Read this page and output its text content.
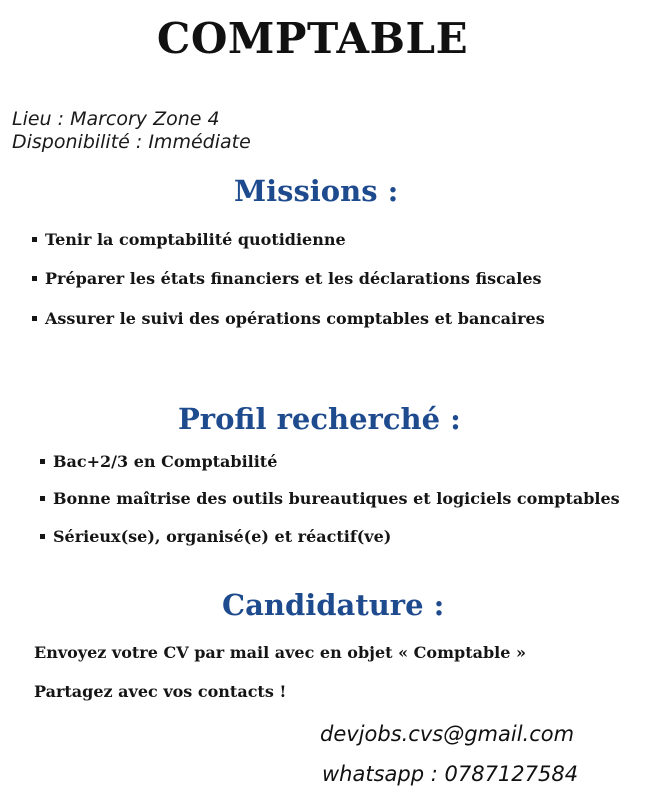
COMPTABLE
Lieu : Marcory Zone 4
Disponibilité : Immédiate
Missions :
Tenir la comptabilité quotidienne
Préparer les états financiers et les déclarations fiscales
Assurer le suivi des opérations comptables et bancaires
Profil recherché :
Bac+2/3 en Comptabilité
Bonne maîtrise des outils bureautiques et logiciels comptables
Sérieux(se), organisé(e) et réactif(ve)
Candidature :
Envoyez votre CV par mail avec en objet « Comptable »
Partagez avec vos contacts !
devjobs.cvs@gmail.com
whatsapp : 0787127584
